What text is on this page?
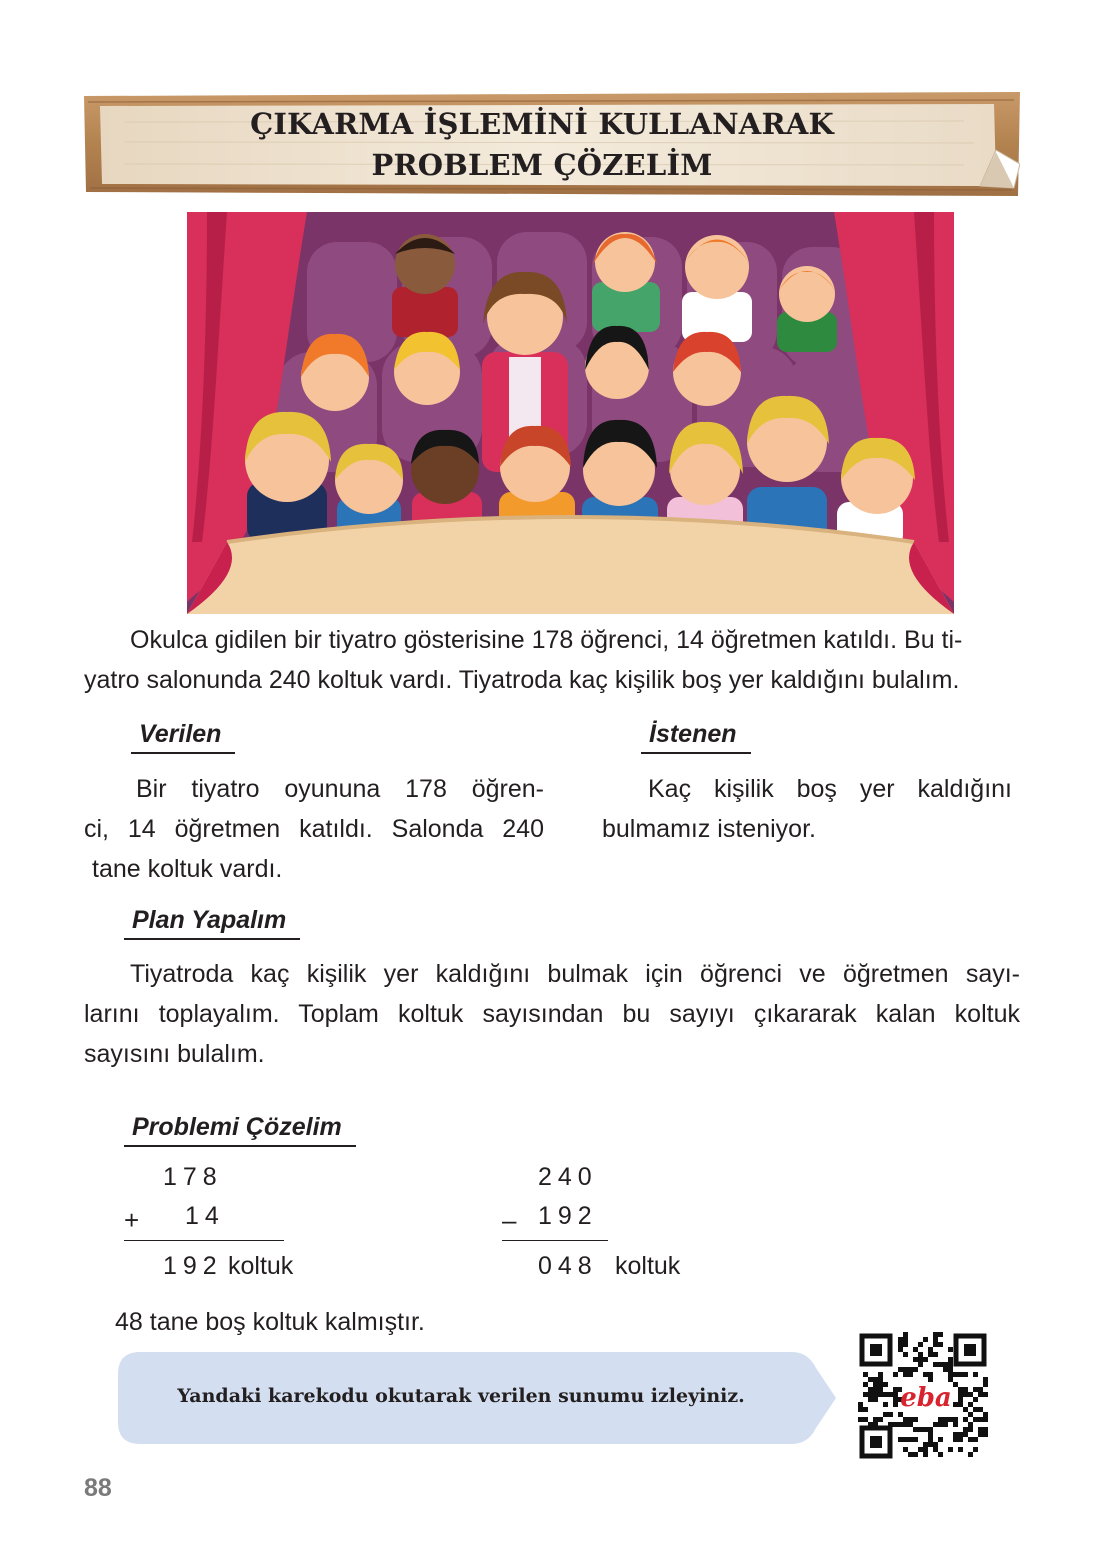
ÇIKARMA İŞLEMİNİ KULLANARAK
PROBLEM ÇÖZELİM
Okulca gidilen bir tiyatro gösterisine 178 öğrenci, 14 öğretmen katıldı. Bu ti-
yatro salonunda 240 koltuk vardı. Tiyatroda kaç kişilik boş yer kaldığını bulalım.
Verilen	İstenen
Bir tiyatro oyununa 178 öğren-
ci, 14 öğretmen katıldı. Salonda 240
tane koltuk vardı.
Kaç kişilik boş yer kaldığını
bulmamız isteniyor.
Plan Yapalım
Tiyatroda kaç kişilik yer kaldığını bulmak için öğrenci ve öğretmen sayı-
larını toplayalım. Toplam koltuk sayısından bu sayıyı çıkararak kalan koltuk
sayısını bulalım.
Problemi Çözelim
178
+ 14
192 koltuk
240
– 192
048 koltuk
48 tane boş koltuk kalmıştır.
Yandaki karekodu okutarak verilen sunumu izleyiniz.	eba
88
